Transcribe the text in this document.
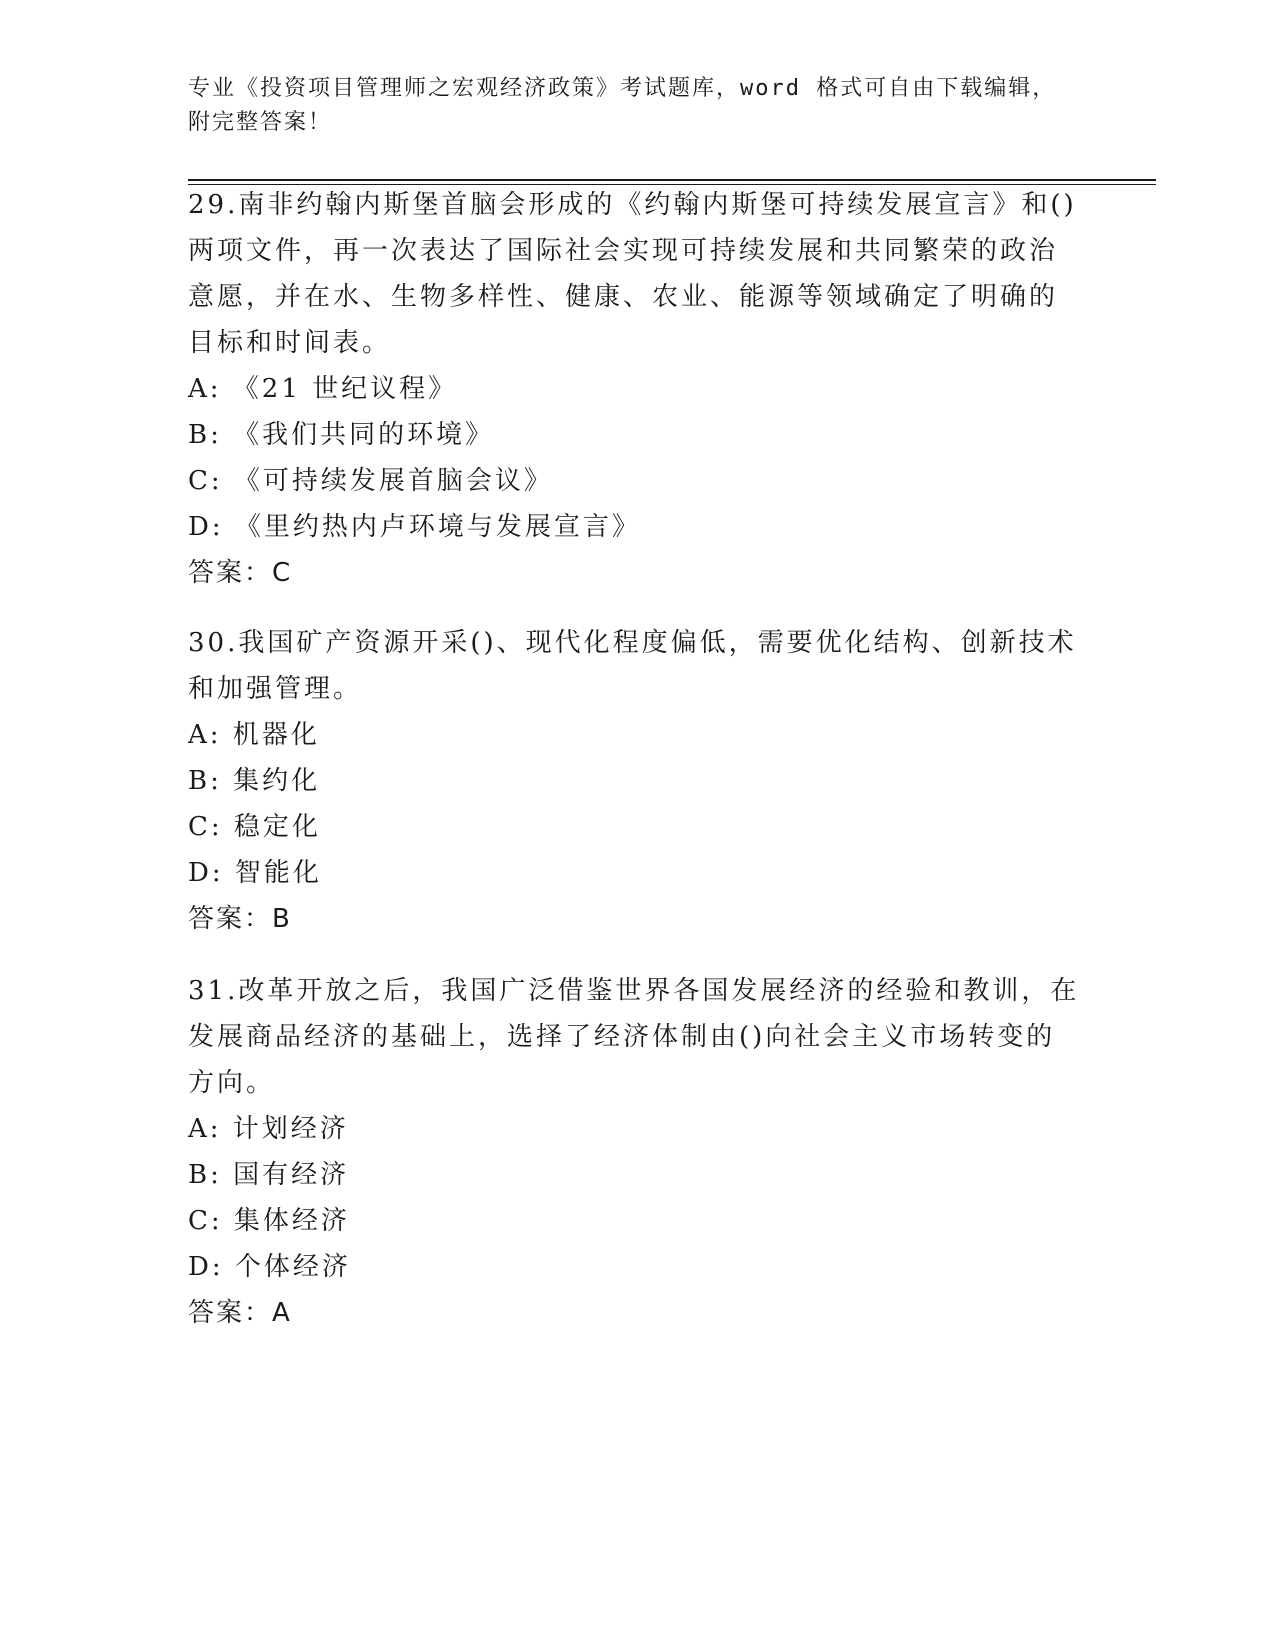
专业《投资项目管理师之宏观经济政策》考试题库，word 格式可自由下载编辑，
附完整答案！

29.南非约翰内斯堡首脑会形成的《约翰内斯堡可持续发展宣言》和()

两项文件，再一次表达了国际社会实现可持续发展和共同繁荣的政治

意愿，并在水、生物多样性、健康、农业、能源等领域确定了明确的

目标和时间表。

A: 《21 世纪议程》

B: 《我们共同的环境》

C: 《可持续发展首脑会议》

D: 《里约热内卢环境与发展宣言》

答案：C

30.我国矿产资源开采()、现代化程度偏低，需要优化结构、创新技术

和加强管理。

A: 机器化

B: 集约化

C: 稳定化

D: 智能化

答案：B

31.改革开放之后，我国广泛借鉴世界各国发展经济的经验和教训，在

发展商品经济的基础上，选择了经济体制由()向社会主义市场转变的

方向。

A: 计划经济

B: 国有经济

C: 集体经济

D: 个体经济

答案：A
